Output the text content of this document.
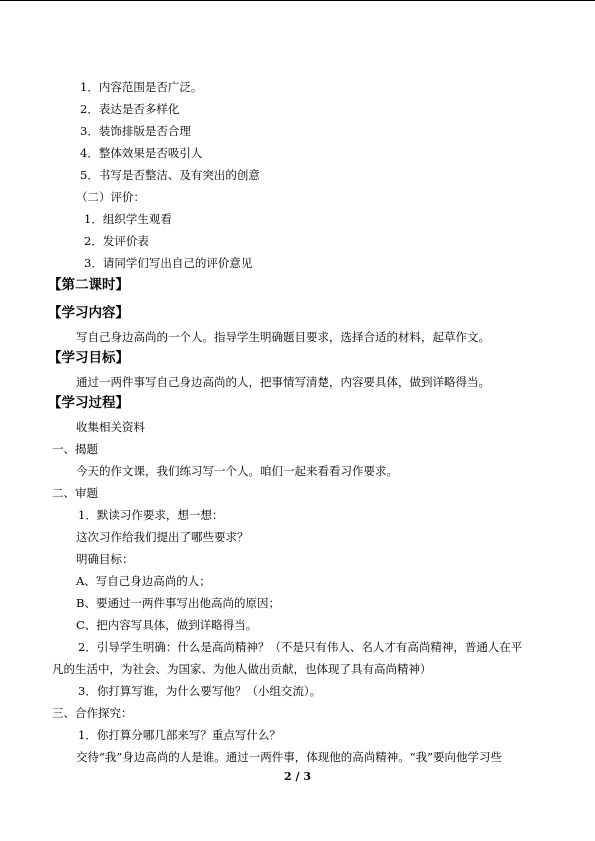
1．内容范围是否广泛。
2．表达是否多样化
3．装饰排版是否合理
4．整体效果是否吸引人
5．书写是否整洁、及有突出的创意
（二）评价：
1．组织学生观看
2．发评价表
3．请同学们写出自己的评价意见
【第二课时】
【学习内容】
写自己身边高尚的一个人。指导学生明确题目要求，选择合适的材料，起草作文。
【学习目标】
通过一两件事写自己身边高尚的人，把事情写清楚，内容要具体，做到详略得当。
【学习过程】
收集相关资料
一、揭题
今天的作文课，我们练习写一个人。咱们一起来看看习作要求。
二、审题
1．默读习作要求，想一想：
这次习作给我们提出了哪些要求？
明确目标：
A、写自己身边高尚的人；
B、要通过一两件事写出他高尚的原因；
C、把内容写具体，做到详略得当。
2．引导学生明确：什么是高尚精神？（不是只有伟人、名人才有高尚精神，普通人在平
凡的生活中，为社会、为国家、为他人做出贡献，也体现了具有高尚精神）
3．你打算写谁，为什么要写他？（小组交流）。
三、合作探究：
1．你打算分哪几部来写？重点写什么？
交待“我”身边高尚的人是谁。通过一两件事，体现他的高尚精神。“我”要向他学习些
2 / 3
